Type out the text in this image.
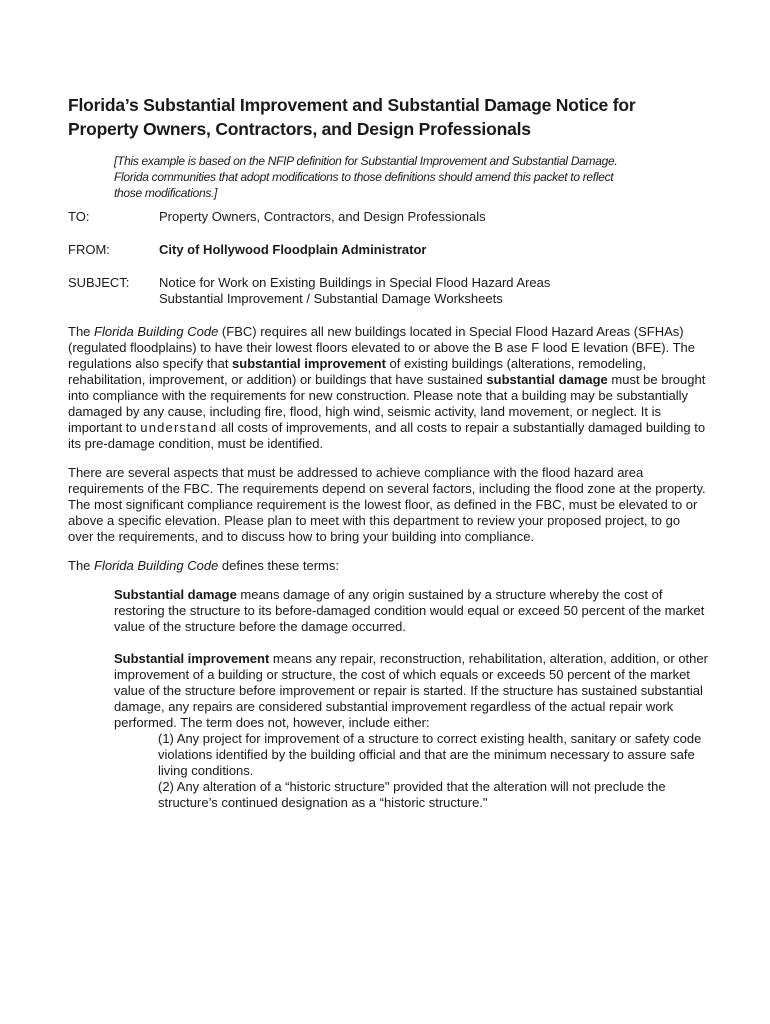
Florida’s Substantial Improvement and Substantial Damage Notice for
Property Owners, Contractors, and Design Professionals
[This example is based on the NFIP definition for Substantial Improvement and Substantial Damage.
Florida communities that adopt modifications to those definitions should amend this packet to reflect
those modifications.]
TO:	Property Owners, Contractors, and Design Professionals
FROM:	City of Hollywood Floodplain Administrator
SUBJECT:	Notice for Work on Existing Buildings in Special Flood Hazard Areas
Substantial Improvement / Substantial Damage Worksheets

The Florida Building Code (FBC) requires all new buildings located in Special Flood Hazard Areas (SFHAs) (regulated floodplains) to have their lowest floors elevated to or above the B ase F lood E levation (BFE). The regulations also specify that substantial improvement of existing buildings (alterations, remodeling, rehabilitation, improvement, or addition) or buildings that have sustained substantial damage must be brought into compliance with the requirements for new construction. Please note that a building may be substantially damaged by any cause, including fire, flood, high wind, seismic activity, land movement, or neglect. It is important to understand all costs of improvements, and all costs to repair a substantially damaged building to its pre-damage condition, must be identified.

There are several aspects that must be addressed to achieve compliance with the flood hazard area requirements of the FBC. The requirements depend on several factors, including the flood zone at the property. The most significant compliance requirement is the lowest floor, as defined in the FBC, must be elevated to or above a specific elevation. Please plan to meet with this department to review your proposed project, to go over the requirements, and to discuss how to bring your building into compliance.

The Florida Building Code defines these terms:

Substantial damage means damage of any origin sustained by a structure whereby the cost of restoring the structure to its before-damaged condition would equal or exceed 50 percent of the market value of the structure before the damage occurred.
Substantial improvement means any repair, reconstruction, rehabilitation, alteration, addition, or other improvement of a building or structure, the cost of which equals or exceeds 50 percent of the market value of the structure before improvement or repair is started. If the structure has sustained substantial damage, any repairs are considered substantial improvement regardless of the actual repair work performed. The term does not, however, include either:
(1) Any project for improvement of a structure to correct existing health, sanitary or safety code violations identified by the building official and that are the minimum necessary to assure safe living conditions.
(2) Any alteration of a “historic structure" provided that the alteration will not preclude the structure’s continued designation as a “historic structure."
